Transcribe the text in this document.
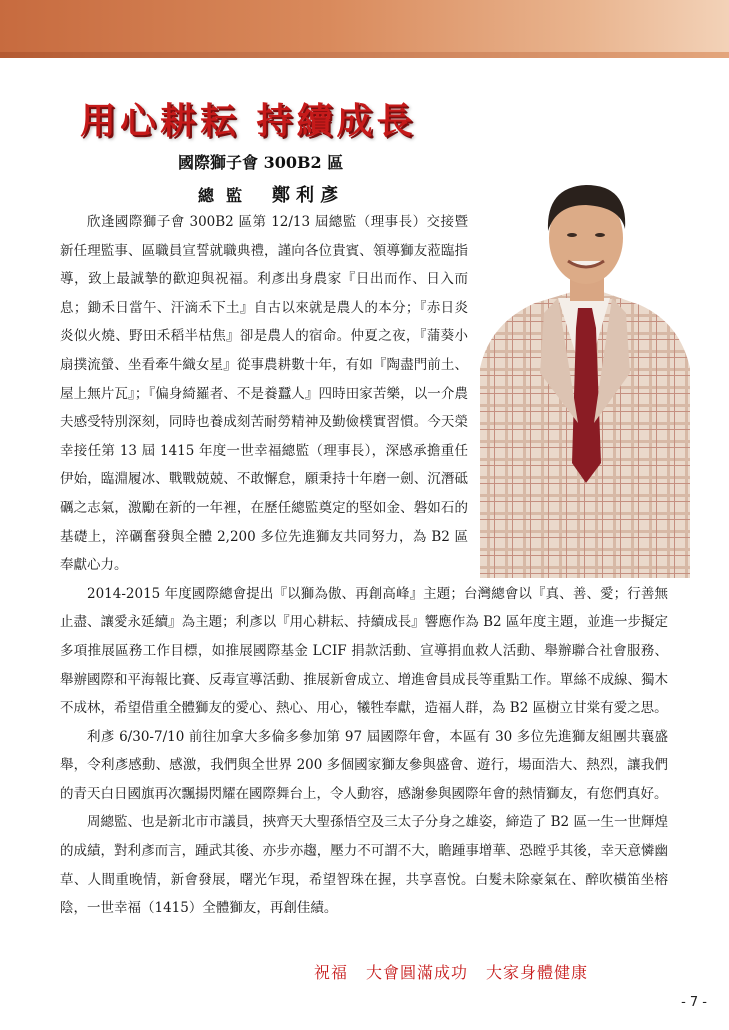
用心耕耘 持續成長
國際獅子會 300B2 區
總監 鄭利彥

欣逢國際獅子會 300B2 區第 12/13 屆總監（理事長）交接暨新任理監事、區職員宣誓就職典禮，謹向各位貴賓、領導獅友蒞臨指導，致上最誠摯的歡迎與祝福。利彥出身農家『日出而作、日入而息；鋤禾日當午、汗滴禾下土』自古以來就是農人的本分；『赤日炎炎似火燒、野田禾稻半枯焦』卻是農人的宿命。仲夏之夜，『蒲葵小扇撲流螢、坐看牽牛織女星』從事農耕數十年，有如『陶盡門前土、屋上無片瓦』；『偏身綺羅者、不是養蠶人』四時田家苦樂，以一介農夫感受特別深刻，同時也養成刻苦耐勞精神及勤儉樸實習慣。今天榮幸接任第 13 屆 1415 年度一世幸福總監（理事長），深感承擔重任伊始，臨淵履冰、戰戰兢兢、不敢懈怠，願秉持十年磨一劍、沉潛砥礪之志氣，激勵在新的一年裡，在歷任總監奠定的堅如金、磐如石的基礎上，淬礪奮發與全體 2,200 多位先進獅友共同努力，為 B2 區奉獻心力。

2014-2015 年度國際總會提出『以獅為傲、再創高峰』主題；台灣總會以『真、善、愛；行善無止盡、讓愛永延續』為主題；利彥以『用心耕耘、持續成長』響應作為 B2 區年度主題，並進一步擬定多項推展區務工作目標，如推展國際基金 LCIF 捐款活動、宣導捐血救人活動、舉辦聯合社會服務、舉辦國際和平海報比賽、反毒宣導活動、推展新會成立、增進會員成長等重點工作。單絲不成線、獨木不成林，希望借重全體獅友的愛心、熱心、用心，犧牲奉獻，造福人群，為 B2 區樹立甘棠有愛之思。

利彥 6/30-7/10 前往加拿大多倫多參加第 97 屆國際年會，本區有 30 多位先進獅友組團共襄盛舉，令利彥感動、感激，我們與全世界 200 多個國家獅友參與盛會、遊行，場面浩大、熱烈，讓我們的青天白日國旗再次飄揚閃耀在國際舞台上，令人動容，感謝參與國際年會的熱情獅友，有您們真好。

周總監、也是新北市市議員，挾齊天大聖孫悟空及三太子分身之雄姿，締造了 B2 區一生一世輝煌的成績，對利彥而言，踵武其後、亦步亦趨，壓力不可謂不大，瞻踵事增華、恐瞠乎其後，幸天意憐幽草、人間重晚情，新會發展，曙光乍現，希望智珠在握，共享喜悅。白髮未除豪氣在、醉吹橫笛坐榕陰，一世幸福（1415）全體獅友，再創佳績。

祝福 大會圓滿成功 大家身體健康
- 7 -
